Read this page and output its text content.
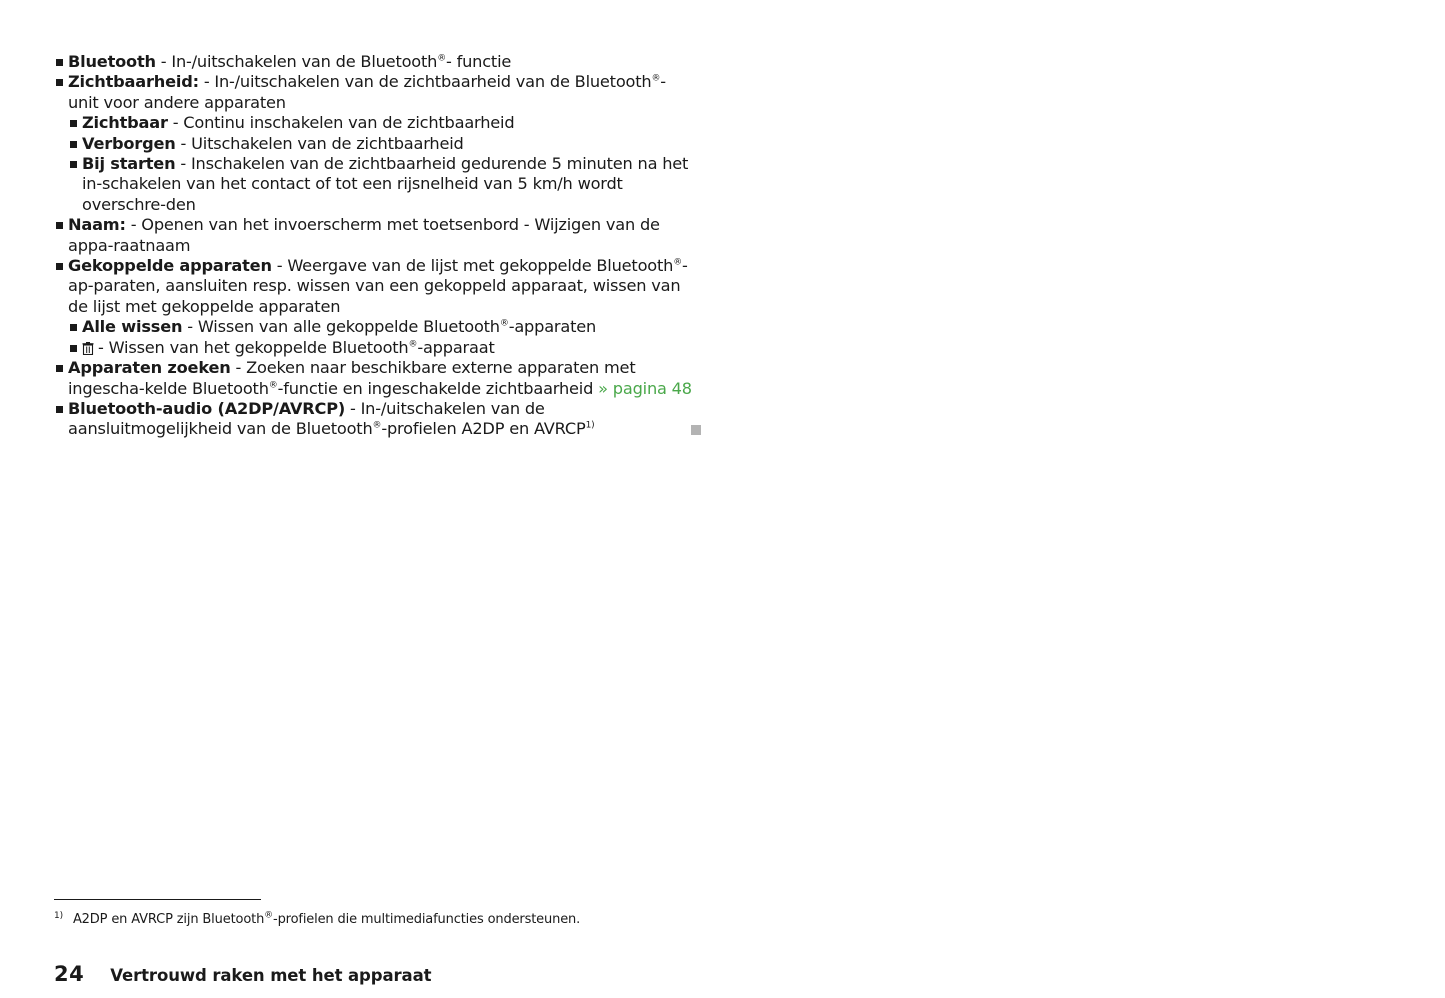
Bluetooth - In-/uitschakelen van de Bluetooth®- functie
Zichtbaarheid: - In-/uitschakelen van de zichtbaarheid van de Bluetooth®-unit voor andere apparaten
Zichtbaar - Continu inschakelen van de zichtbaarheid
Verborgen - Uitschakelen van de zichtbaarheid
Bij starten - Inschakelen van de zichtbaarheid gedurende 5 minuten na het in-schakelen van het contact of tot een rijsnelheid van 5 km/h wordt overschre-den
Naam: - Openen van het invoerscherm met toetsenbord - Wijzigen van de appa-raatnaam
Gekoppelde apparaten - Weergave van de lijst met gekoppelde Bluetooth®-ap-paraten, aansluiten resp. wissen van een gekoppeld apparaat, wissen van de lijst met gekoppelde apparaten
Alle wissen - Wissen van alle gekoppelde Bluetooth®-apparaten
- Wissen van het gekoppelde Bluetooth®-apparaat
Apparaten zoeken - Zoeken naar beschikbare externe apparaten met ingescha-kelde Bluetooth®-functie en ingeschakelde zichtbaarheid » pagina 48
Bluetooth-audio (A2DP/AVRCP) - In-/uitschakelen van de aansluitmogelijkheid van de Bluetooth®-profielen A2DP en AVRCP$^{1)}$
$^{1)}$ A2DP en AVRCP zijn Bluetooth®-profielen die multimediafuncties ondersteunen.
24 Vertrouwd raken met het apparaat
